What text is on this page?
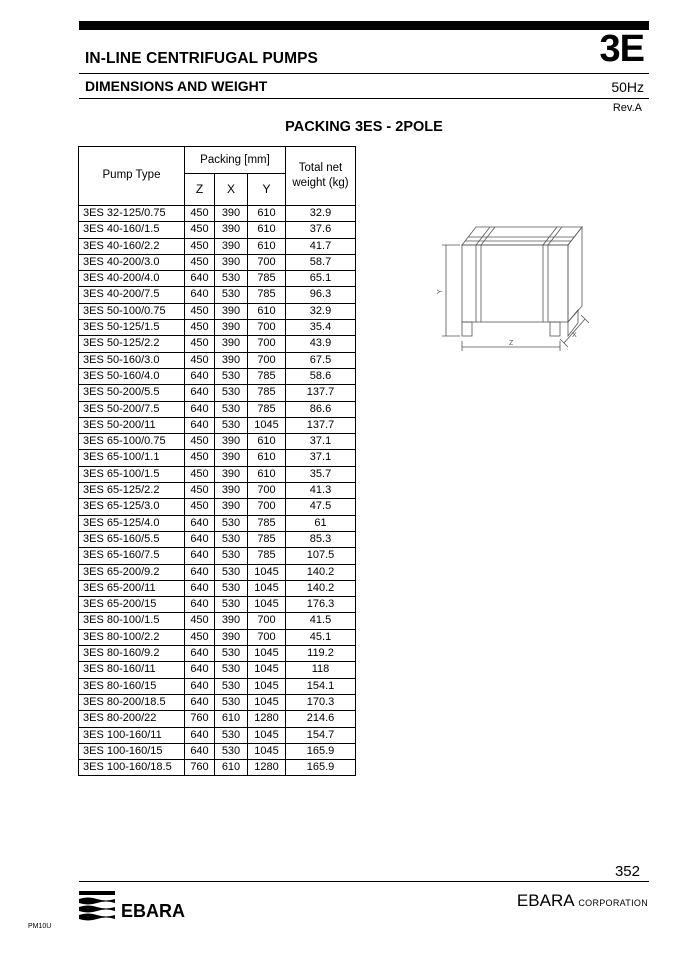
IN-LINE CENTRIFUGAL PUMPS	3E
DIMENSIONS AND WEIGHT	50Hz
Rev.A
PACKING 3ES - 2POLE
Pump Type	Packing [mm]			Total net weight (kg)
	Z	X	Y	
3ES 32-125/0.75	450	390	610	32.9
3ES 40-160/1.5	450	390	610	37.6
3ES 40-160/2.2	450	390	610	41.7
3ES 40-200/3.0	450	390	700	58.7
3ES 40-200/4.0	640	530	785	65.1
3ES 40-200/7.5	640	530	785	96.3
3ES 50-100/0.75	450	390	610	32.9
3ES 50-125/1.5	450	390	700	35.4
3ES 50-125/2.2	450	390	700	43.9
3ES 50-160/3.0	450	390	700	67.5
3ES 50-160/4.0	640	530	785	58.6
3ES 50-200/5.5	640	530	785	137.7
3ES 50-200/7.5	640	530	785	86.6
3ES 50-200/11	640	530	1045	137.7
3ES 65-100/0.75	450	390	610	37.1
3ES 65-100/1.1	450	390	610	37.1
3ES 65-100/1.5	450	390	610	35.7
3ES 65-125/2.2	450	390	700	41.3
3ES 65-125/3.0	450	390	700	47.5
3ES 65-125/4.0	640	530	785	61
3ES 65-160/5.5	640	530	785	85.3
3ES 65-160/7.5	640	530	785	107.5
3ES 65-200/9.2	640	530	1045	140.2
3ES 65-200/11	640	530	1045	140.2
3ES 65-200/15	640	530	1045	176.3
3ES 80-100/1.5	450	390	700	41.5
3ES 80-100/2.2	450	390	700	45.1
3ES 80-160/9.2	640	530	1045	119.2
3ES 80-160/11	640	530	1045	118
3ES 80-160/15	640	530	1045	154.1
3ES 80-200/18.5	640	530	1045	170.3
3ES 80-200/22	760	610	1280	214.6
3ES 100-160/11	640	530	1045	154.7
3ES 100-160/15	640	530	1045	165.9
3ES 100-160/18.5	760	610	1280	165.9
Y
Z
X
352
EBARA
EBARA CORPORATION
PM10U
